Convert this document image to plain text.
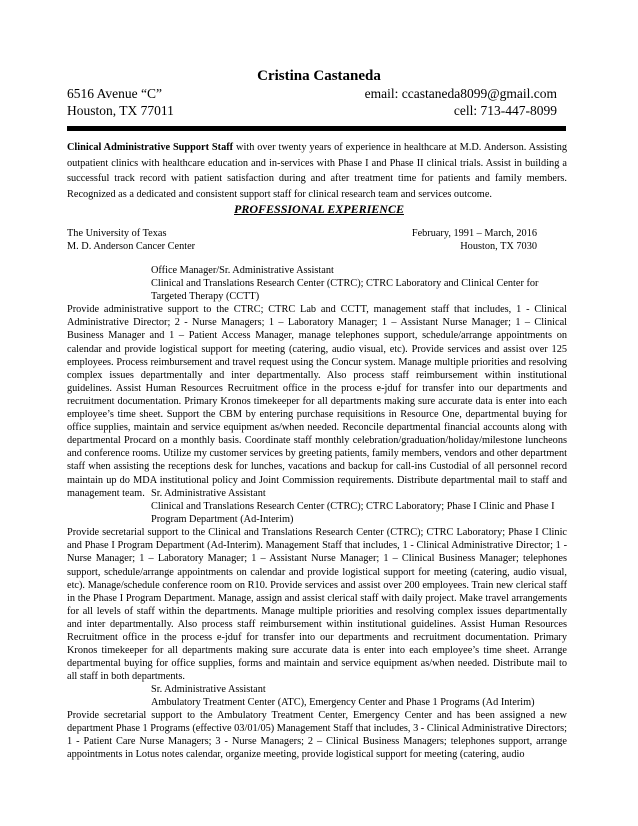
Cristina Castaneda
6516 Avenue “C”	email: ccastaneda8099@gmail.com
Houston, TX 77011	cell: 713-447-8099
Clinical Administrative Support Staff with over twenty years of experience in healthcare at M.D. Anderson. Assisting outpatient clinics with healthcare education and in-services with Phase I and Phase II clinical trials. Assist in building a successful track record with patient satisfaction during and after treatment time for patients and family members. Recognized as a dedicated and consistent support staff for clinical research team and services outcome.
PROFESSIONAL EXPERIENCE
The University of Texas	February, 1991 – March, 2016
M. D. Anderson Cancer Center	Houston, TX 7030
Office Manager/Sr. Administrative Assistant
Clinical and Translations Research Center (CTRC); CTRC Laboratory and Clinical Center for
Targeted Therapy (CCTT)
Provide administrative support to the CTRC; CTRC Lab and CCTT, management staff that includes, 1 - Clinical Administrative Director; 2 - Nurse Managers; 1 – Laboratory Manager; 1 – Assistant Nurse Manager; 1 – Clinical Business Manager and 1 – Patient Access Manager, manage telephones support, schedule/arrange appointments on calendar and provide logistical support for meeting (catering, audio visual, etc). Provide services and assist over 125 employees. Process reimbursement and travel request using the Concur system. Manage multiple priorities and resolving complex issues departmentally and inter departmentally. Also process staff reimbursement within institutional guidelines. Assist Human Resources Recruitment office in the process e-jduf for transfer into our departments and recruitment documentation. Primary Kronos timekeeper for all departments making sure accurate data is enter into each employee’s time sheet. Support the CBM by entering purchase requisitions in Resource One, departmental buying for office supplies, maintain and service equipment as/when needed. Reconcile departmental financial accounts along with departmental Procard on a monthly basis. Coordinate staff monthly celebration/graduation/holiday/milestone luncheons and conference rooms. Utilize my customer services by greeting patients, family members, vendors and other department staff when assisting the receptions desk for lunches, vacations and backup for call-ins Custodial of all personnel record maintain up do MDA institutional policy and Joint Commission requirements. Distribute departmental mail to staff and management team. Sr. Administrative Assistant
Clinical and Translations Research Center (CTRC); CTRC Laboratory; Phase I Clinic and Phase I
Program Department (Ad-Interim)
Provide secretarial support to the Clinical and Translations Research Center (CTRC); CTRC Laboratory; Phase I Clinic and Phase I Program Department (Ad-Interim). Management Staff that includes, 1 - Clinical Administrative Director; 1 - Nurse Manager; 1 – Laboratory Manager; 1 – Assistant Nurse Manager; 1 – Clinical Business Manager; telephones support, schedule/arrange appointments on calendar and provide logistical support for meeting (catering, audio visual, etc). Manage/schedule conference room on R10. Provide services and assist over 200 employees. Train new clerical staff in the Phase I Program Department. Manage, assign and assist clerical staff with daily project. Make travel arrangements for all levels of staff within the departments. Manage multiple priorities and resolving complex issues departmentally and inter departmentally. Also process staff reimbursement within institutional guidelines. Assist Human Resources Recruitment office in the process e-jduf for transfer into our departments and recruitment documentation. Primary Kronos timekeeper for all departments making sure accurate data is enter into each employee’s time sheet. Arrange departmental buying for office supplies, forms and maintain and service equipment as/when needed. Distribute mail to all staff in both departments.
Sr. Administrative Assistant
Ambulatory Treatment Center (ATC), Emergency Center and Phase 1 Programs (Ad Interim)
Provide secretarial support to the Ambulatory Treatment Center, Emergency Center and has been assigned a new department Phase 1 Programs (effective 03/01/05) Management Staff that includes, 3 - Clinical Administrative Directors; 1 - Patient Care Nurse Managers; 3 - Nurse Managers; 2 – Clinical Business Managers; telephones support, arrange appointments in Lotus notes calendar, organize meeting, provide logistical support for meeting (catering, audio
